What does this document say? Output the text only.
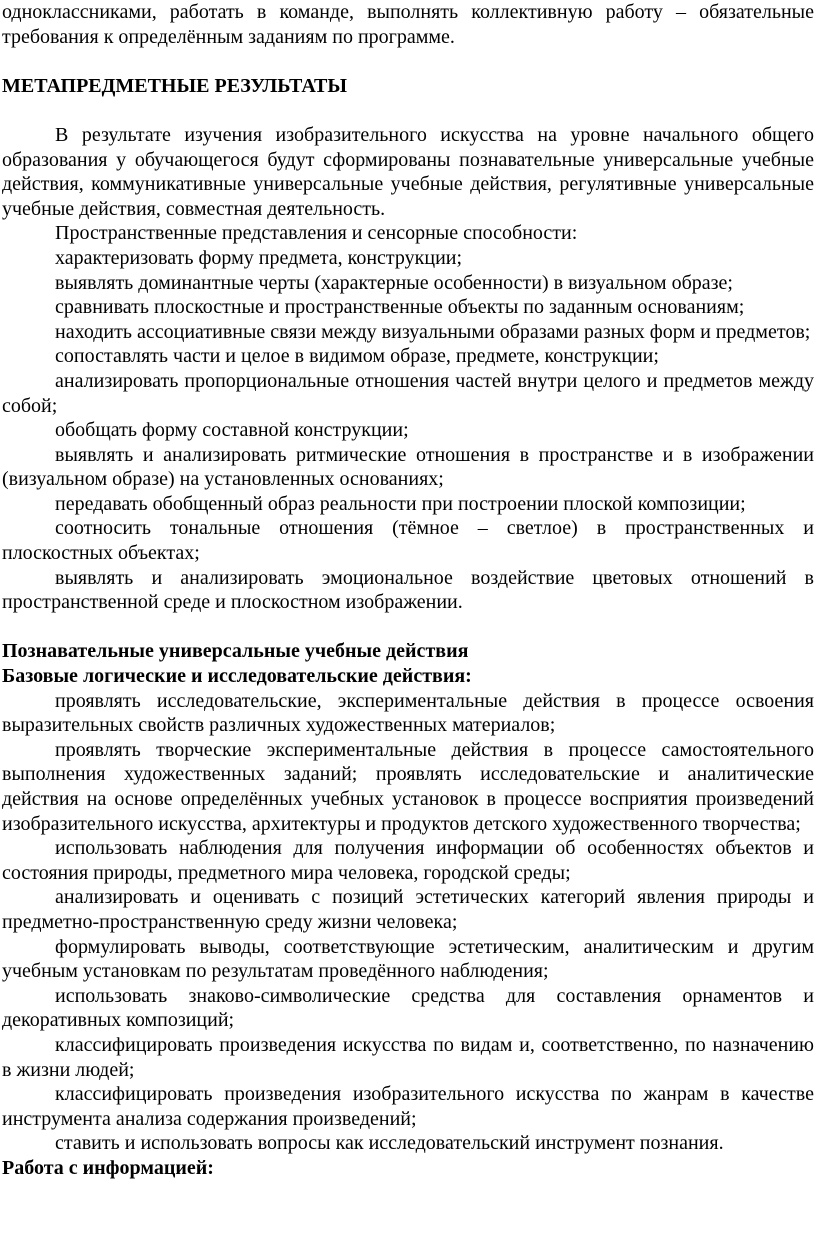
одноклассниками, работать в команде, выполнять коллективную работу – обязательные требования к определённым заданиям по программе.

МЕТАПРЕДМЕТНЫЕ РЕЗУЛЬТАТЫ

В результате изучения изобразительного искусства на уровне начального общего образования у обучающегося будут сформированы познавательные универсальные учебные действия, коммуникативные универсальные учебные действия, регулятивные универсальные учебные действия, совместная деятельность.

Пространственные представления и сенсорные способности:

характеризовать форму предмета, конструкции;

выявлять доминантные черты (характерные особенности) в визуальном образе;

сравнивать плоскостные и пространственные объекты по заданным основаниям;

находить ассоциативные связи между визуальными образами разных форм и предметов;

сопоставлять части и целое в видимом образе, предмете, конструкции;

анализировать пропорциональные отношения частей внутри целого и предметов между собой;

обобщать форму составной конструкции;

выявлять и анализировать ритмические отношения в пространстве и в изображении (визуальном образе) на установленных основаниях;

передавать обобщенный образ реальности при построении плоской композиции;

соотносить тональные отношения (тёмное – светлое) в пространственных и плоскостных объектах;

выявлять и анализировать эмоциональное воздействие цветовых отношений в пространственной среде и плоскостном изображении.

Познавательные универсальные учебные действия

Базовые логические и исследовательские действия:

проявлять исследовательские, экспериментальные действия в процессе освоения выразительных свойств различных художественных материалов;

проявлять творческие экспериментальные действия в процессе самостоятельного выполнения художественных заданий; проявлять исследовательские и аналитические действия на основе определённых учебных установок в процессе восприятия произведений изобразительного искусства, архитектуры и продуктов детского художественного творчества;

использовать наблюдения для получения информации об особенностях объектов и состояния природы, предметного мира человека, городской среды;

анализировать и оценивать с позиций эстетических категорий явления природы и предметно-пространственную среду жизни человека;

формулировать выводы, соответствующие эстетическим, аналитическим и другим учебным установкам по результатам проведённого наблюдения;

использовать знаково-символические средства для составления орнаментов и декоративных композиций;

классифицировать произведения искусства по видам и, соответственно, по назначению в жизни людей;

классифицировать произведения изобразительного искусства по жанрам в качестве инструмента анализа содержания произведений;

ставить и использовать вопросы как исследовательский инструмент познания.

Работа с информацией:
